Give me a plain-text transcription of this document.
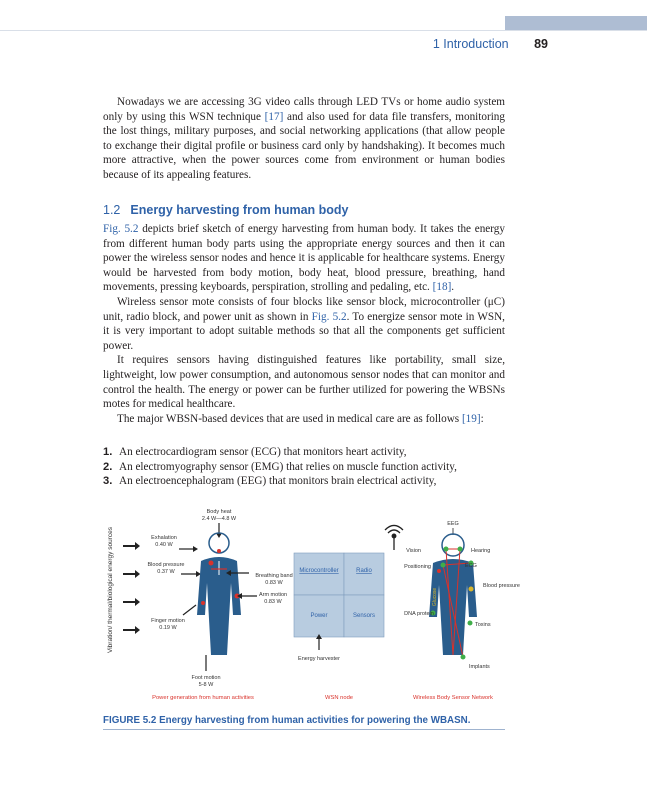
1 Introduction 89

Nowadays we are accessing 3G video calls through LED TVs or home audio system only by using this WSN technique [17] and also used for data file transfers, monitoring the lost things, military purposes, and social networking applications (that allow people to exchange their digital profile or business card only by handshaking). It becomes much more attractive, when the power sources come from environment or human bodies because of its appealing features.

1.2 Energy harvesting from human body

Fig. 5.2 depicts brief sketch of energy harvesting from human body. It takes the energy from different human body parts using the appropriate energy sources and then it can power the wireless sensor nodes and hence it is applicable for healthcare systems. Energy would be harvested from body motion, body heat, blood pressure, breathing, hand movements, pressing keyboards, perspiration, strolling and pedaling, etc. [18].

Wireless sensor mote consists of four blocks like sensor block, microcontroller (μC) unit, radio block, and power unit as shown in Fig. 5.2. To energize sensor mote in WSN, it is very important to adopt suitable methods so that all the components get sufficient power.

It requires sensors having distinguished features like portability, small size, lightweight, low power consumption, and autonomous sensor nodes that can monitor and control the health. The energy or power can be further utilized for powering the WBSNs motes for medical healthcare.

The major WBSN-based devices that are used in medical care are as follows [19]:

1. An electrocardiogram sensor (ECG) that monitors heart activity,
2. An electromyography sensor (EMG) that relies on muscle function activity,
3. An electroencephalogram (EEG) that monitors brain electrical activity,
Vibration/ thermal/biological energy sources
Body heat
2.4 W—4.8 W
Exhalation
0.40 W
Blood pressure
0.37 W
Finger motion
0.19 W
Foot motion
5-8 W
Breathing band
0.83 W
Arm motion
0.83 W
Microcontroller	Radio
Power	Sensors
Energy harvester
EEG
Vision	Hearing
Positioning	ECG
Glucose
Blood pressure
DNA protein
Toxins
Implants
Power generation from human activities	WSN node	Wireless Body Sensor Network
FIGURE 5.2 Energy harvesting from human activities for powering the WBASN.
